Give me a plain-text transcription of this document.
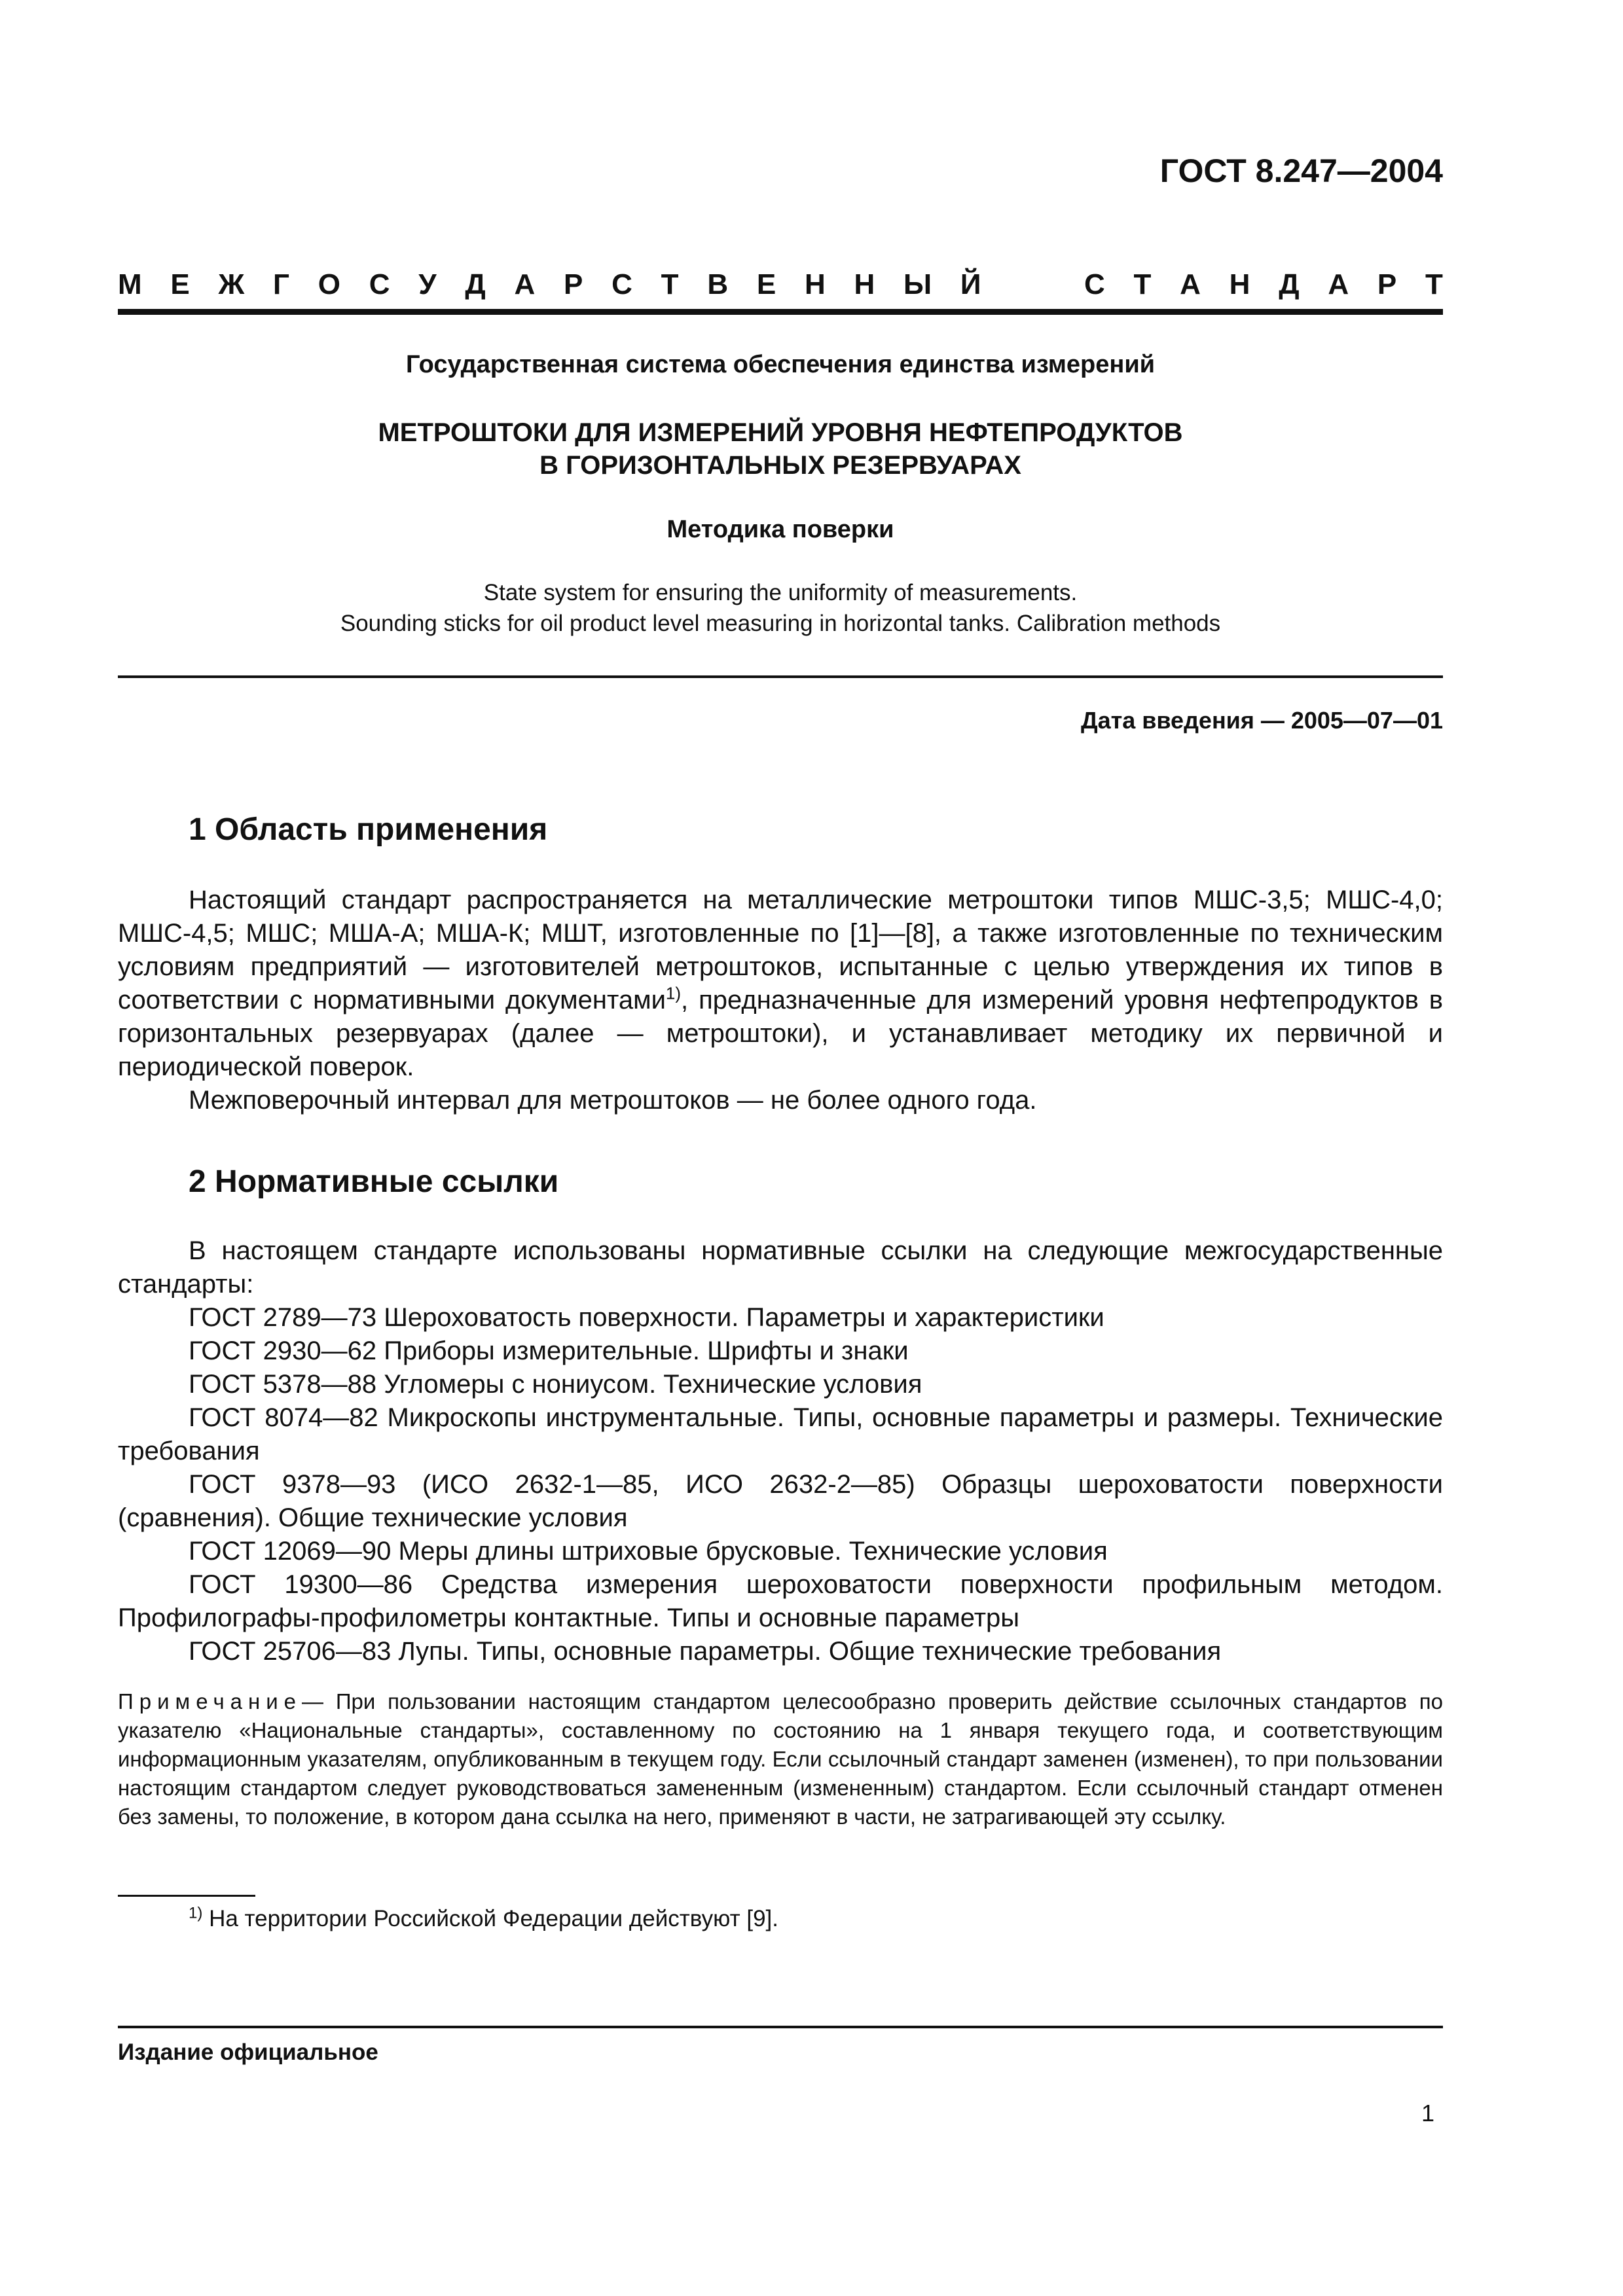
ГОСТ 8.247—2004
М Е Ж Г О С У Д А Р С Т В Е Н Н Ы Й	С Т А Н Д А Р Т
Государственная система обеспечения единства измерений
МЕТРОШТОКИ ДЛЯ ИЗМЕРЕНИЙ УРОВНЯ НЕФТЕПРОДУКТОВ
В ГОРИЗОНТАЛЬНЫХ РЕЗЕРВУАРАХ
Методика поверки
State system for ensuring the uniformity of measurements.
Sounding sticks for oil product level measuring in horizontal tanks. Calibration methods
Дата введения — 2005—07—01
1 Область применения

Настоящий стандарт распространяется на металлические метроштоки типов МШС-3,5; МШС-4,0; МШС-4,5; МШС; МША-А; МША-К; МШТ, изготовленные по [1]—[8], а также изготовленные по техническим условиям предприятий — изготовителей метроштоков, испытанные с целью утверждения их типов в соответствии с нормативными документами$^{1)}$, предназначенные для измерений уровня нефтепродуктов в горизонтальных резервуарах (далее — метроштоки), и устанавливает методику их первичной и периодической поверок.

Межповерочный интервал для метроштоков — не более одного года.

2 Нормативные ссылки

В настоящем стандарте использованы нормативные ссылки на следующие межгосударственные стандарты:

ГОСТ 2789—73 Шероховатость поверхности. Параметры и характеристики

ГОСТ 2930—62 Приборы измерительные. Шрифты и знаки

ГОСТ 5378—88 Угломеры с нониусом. Технические условия

ГОСТ 8074—82 Микроскопы инструментальные. Типы, основные параметры и размеры. Технические требования

ГОСТ 9378—93 (ИСО 2632-1—85, ИСО 2632-2—85) Образцы шероховатости поверхности (сравнения). Общие технические условия

ГОСТ 12069—90 Меры длины штриховые брусковые. Технические условия

ГОСТ 19300—86 Средства измерения шероховатости поверхности профильным методом. Профилографы-профилометры контактные. Типы и основные параметры

ГОСТ 25706—83 Лупы. Типы, основные параметры. Общие технические требования

Примечание— При пользовании настоящим стандартом целесообразно проверить действие ссылочных стандартов по указателю «Национальные стандарты», составленному по состоянию на 1 января текущего года, и соответствующим информационным указателям, опубликованным в текущем году. Если ссылочный стандарт заменен (изменен), то при пользовании настоящим стандартом следует руководствоваться замененным (измененным) стандартом. Если ссылочный стандарт отменен без замены, то положение, в котором дана ссылка на него, применяют в части, не затрагивающей эту ссылку.
$^{1)}$ На территории Российской Федерации действуют [9].
Издание официальное
1
